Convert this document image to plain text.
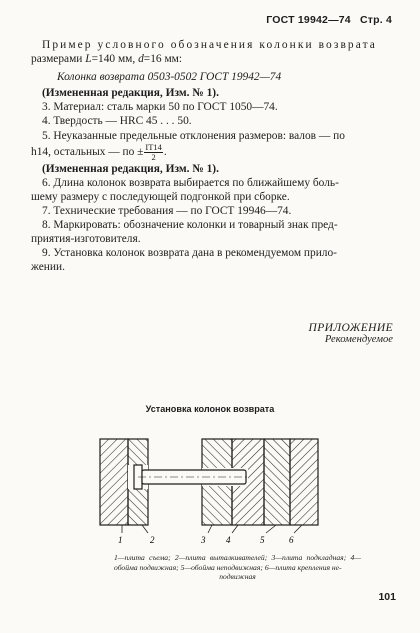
ГОСТ 19942—74 Стр. 4

Пример условного обозначения колонки возврата

размерами L=140 мм, d=16 мм:

Колонка возврата 0503-0502 ГОСТ 19942—74

(Измененная редакция, Изм. № 1).

3. Материал: сталь марки 50 по ГОСТ 1050—74.

4. Твердость — HRC 45 . . . 50.

5. Неуказанные предельные отклонения размеров: валов — по

h14, остальных — по ± $\frac{IT14}{2}$ .

(Измененная редакция, Изм. № 1).

6. Длина колонок возврата выбирается по ближайшему боль-

шему размеру с последующей подгонкой при сборке.

7. Технические требования — по ГОСТ 19946—74.

8. Маркировать: обозначение колонки и товарный знак пред-

приятия-изготовителя.

9. Установка колонок возврата дана в рекомендуемом прило-

жении.

ПРИЛОЖЕНИЕ
Рекомендуемое
Установка колонок возврата
1	2	3 4	5	6
1—плита съема; 2—плита выталкивателей; 3—плита подкладная; 4—обойма подвижная; 5—обойма неподвижная; 6—плита крепления не-
подвижная
101
